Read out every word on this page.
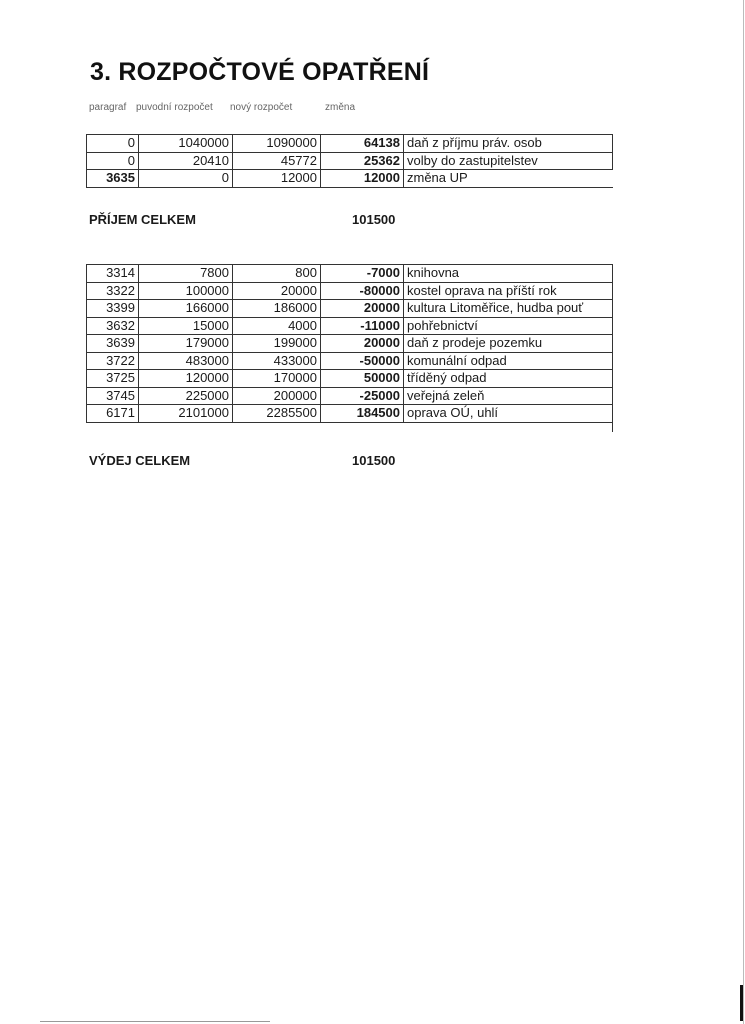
3. ROZPOČTOVÉ OPATŘENÍ
paragraf puvodní rozpočet nový rozpočet	změna
0	1040000	1090000	64138	daň z příjmu práv. osob
0	20410	45772	25362	volby do zastupitelstev
3635	0	12000	12000	změna UP
PŘÍJEM CELKEM	101500
3314	7800	800	-7000	knihovna
3322	100000	20000	-80000	kostel oprava na příští rok
3399	166000	186000	20000	kultura Litoměřice, hudba pouť
3632	15000	4000	-11000	pohřebnictví
3639	179000	199000	20000	daň z prodeje pozemku
3722	483000	433000	-50000	komunální odpad
3725	120000	170000	50000	tříděný odpad
3745	225000	200000	-25000	veřejná zeleň
6171	2101000	2285500	184500	oprava OÚ, uhlí
VÝDEJ CELKEM	101500
